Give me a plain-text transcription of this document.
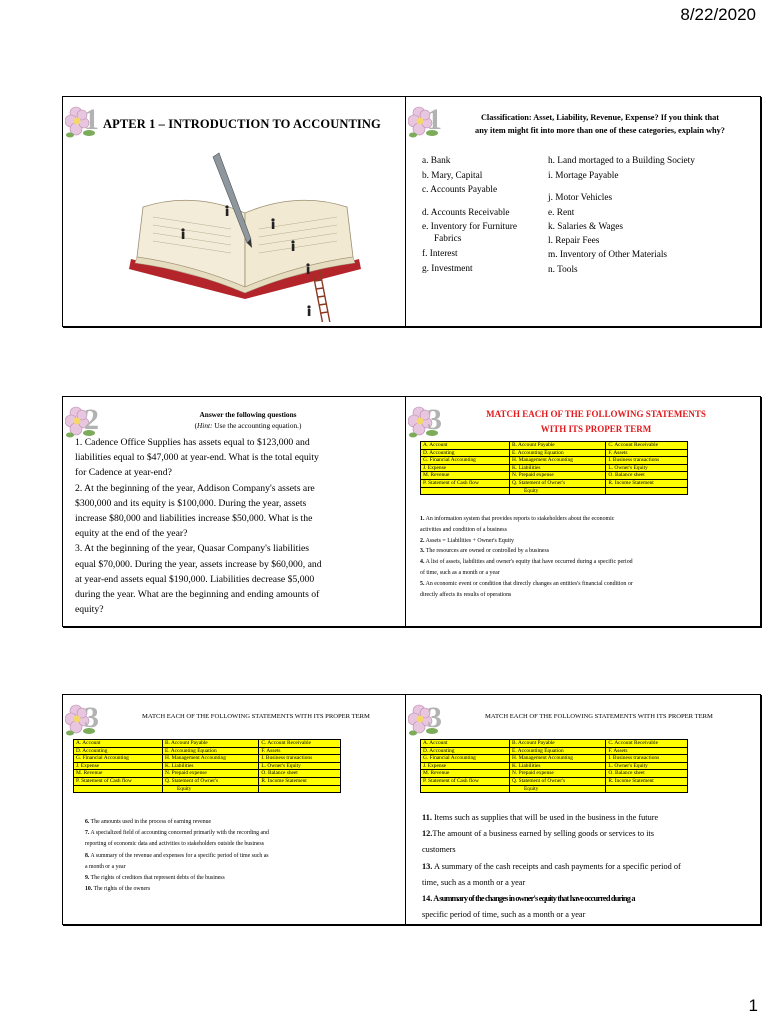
8/22/2020
1 APTER 1 – INTRODUCTION TO ACCOUNTING 1	Classification: Asset, Liability, Revenue, Expense? If you think that
any item might fit into more than one of these categories, explain why?
a. Bank
b. Mary, Capital
c. Accounts Payable
d. Accounts Receivable
e. Inventory for Furniture
Fabrics
f. Interest
g. Investment
h. Land mortaged to a Building Society
i. Mortage Payable
j. Motor Vehicles
e. Rent
k. Salaries & Wages
l. Repair Fees
m. Inventory of Other Materials
n. Tools
2	Answer the following questions
(Hint: Use the accounting equation.)
1. Cadence Office Supplies has assets equal to $123,000 and
liabilities equal to $47,000 at year-end. What is the total equity
for Cadence at year-end?
2. At the beginning of the year, Addison Company's assets are
$300,000 and its equity is $100,000. During the year, assets
increase $80,000 and liabilities increase $50,000. What is the
equity at the end of the year?
3. At the beginning of the year, Quasar Company's liabilities
equal $70,000. During the year, assets increase by $60,000, and
at year-end assets equal $190,000. Liabilities decrease $5,000
during the year. What are the beginning and ending amounts of
equity?
3	MATCH EACH OF THE FOLLOWING STATEMENTS
WITH ITS PROPER TERM
A. Account	B. Account Payable	C. Account Receivable
D. Accounting	E. Accounting Equation	F. Assets
G. Financial Accounting	H. Management Accounting	I. Business transactions
J. Expense	K. Liabilities	L. Owner's Equity
M. Revenue	N. Prepaid expense	O. Balance sheet
P. Statement of Cash flow	Q. Statement of Owner's	R. Income Statement
	Equity	

1. An information system that provides reports to stakeholders about the economic

activities and condition of a business

2. Assets = Liabilities + Owner's Equity

3. The resources are owned or controlled by a business

4. A list of assets, liabilities and owner's equity that have occurred during a specific period

of time, such as a month or a year

5. An economic event or condition that directly changes an entities's financial condition or

directly affects its results of operations

3	MATCH EACH OF THE FOLLOWING STATEMENTS WITH ITS PROPER TERM
A. Account	B. Account Payable	C. Account Receivable
D. Accounting	E. Accounting Equation	F. Assets
G. Financial Accounting	H. Management Accounting	I. Business transactions
J. Expense	K. Liabilities	L. Owner's Equity
M. Revenue	N. Prepaid expense	O. Balance sheet
P. Statement of Cash flow	Q. Statement of Owner's	R. Income Statement
	Equity	

6. The amounts used in the process of earning revenue

7. A specialized field of accounting concerned primarily with the recording and

reporting of economic data and activities to stakeholders outside the business

8. A summary of the revenue and expenses for a specific period of time such as

a month or a year

9. The rights of creditors that represent debts of the business

10. The rights of the owners

3	MATCH EACH OF THE FOLLOWING STATEMENTS WITH ITS PROPER TERM
A. Account	B. Account Payable	C. Account Receivable
D. Accounting	E. Accounting Equation	F. Assets
G. Financial Accounting	H. Management Accounting	I. Business transactions
J. Expense	K. Liabilities	L. Owner's Equity
M. Revenue	N. Prepaid expense	O. Balance sheet
P. Statement of Cash flow	Q. Statement of Owner's	R. Income Statement
	Equity	

11. Items such as supplies that will be used in the business in the future

12.The amount of a business earned by selling goods or services to its

customers

13. A summary of the cash receipts and cash payments for a specific period of

time, such as a month or a year

14. A summary of the changes in owner's equity that have occurred during a

specific period of time, such as a month or a year

1
